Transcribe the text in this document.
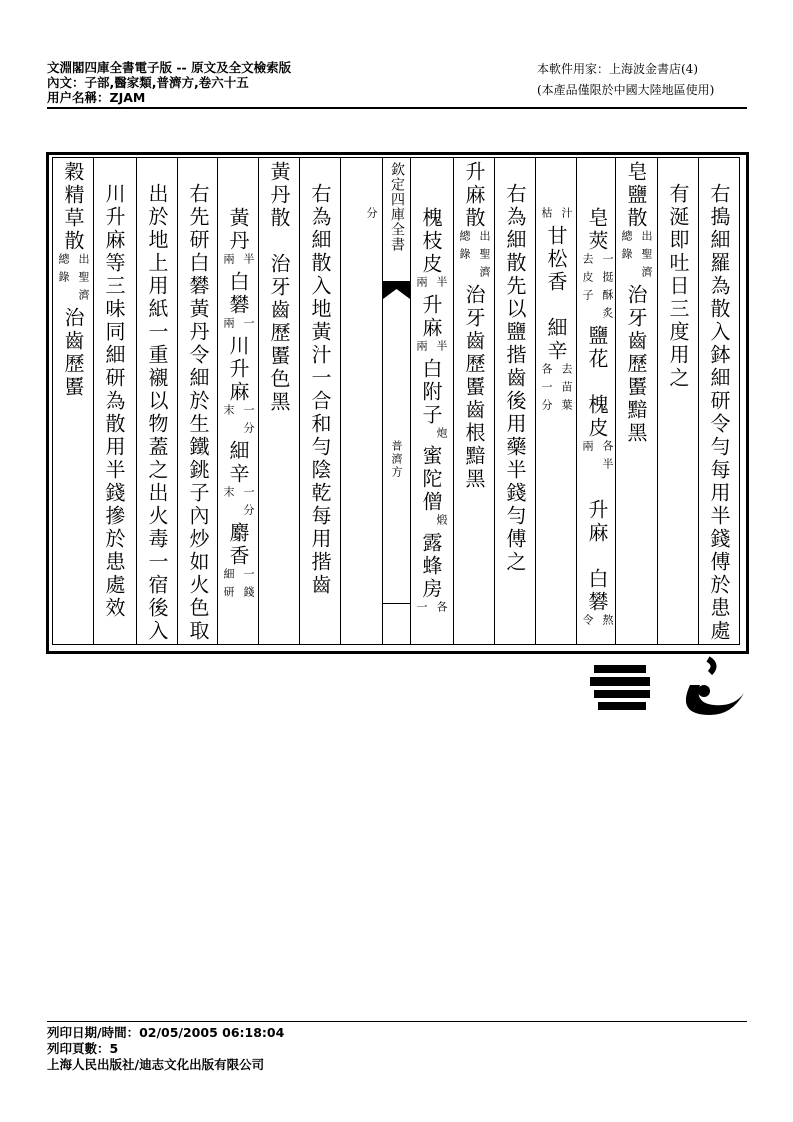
文淵閣四庫全書電子版 -- 原文及全文檢索版
內文：子部,醫家類,普濟方,卷六十五
用户名稱：ZJAM
本軟件用家：上海波金書店(4)
(本產品僅限於中國大陸地區使用)
右搗細羅為散入鉢細研令勻每用半錢傅於患處
有涎即吐日三度用之
皂鹽散出聖濟總錄治牙齒歷𧏾黯黑
皂莢一挺酥炙去皮子鹽花　槐皮各半兩　升麻　白礬熬令
汁枯甘松香　細辛去苗葉各一分
右為細散先以鹽揩齒後用藥半錢勻傅之
升麻散出聖濟總錄治牙齒歷𧏾齒根黯黑
槐枝皮半兩升麻半兩白附子炮蜜陀僧煅露蜂房各一
分
右為細散入地黃汁一合和勻陰乾每用揩齒
黃丹散　治牙齒歷𧏾色黑
黃丹半兩白礬一兩川升麻一分末細辛一分末麝香一錢細研
右先研白礬黃丹令細於生鐵銚子內炒如火色取
出於地上用紙一重襯以物蓋之出火毒一宿後入
川升麻等三味同細研為散用半錢摻於患處效
穀精草散出聖濟總錄治齒歷𧏾
欽定四庫全書
普濟方
列印日期/時間：02/05/2005 06:18:04
列印頁數：5
上海人民出版社/迪志文化出版有限公司
